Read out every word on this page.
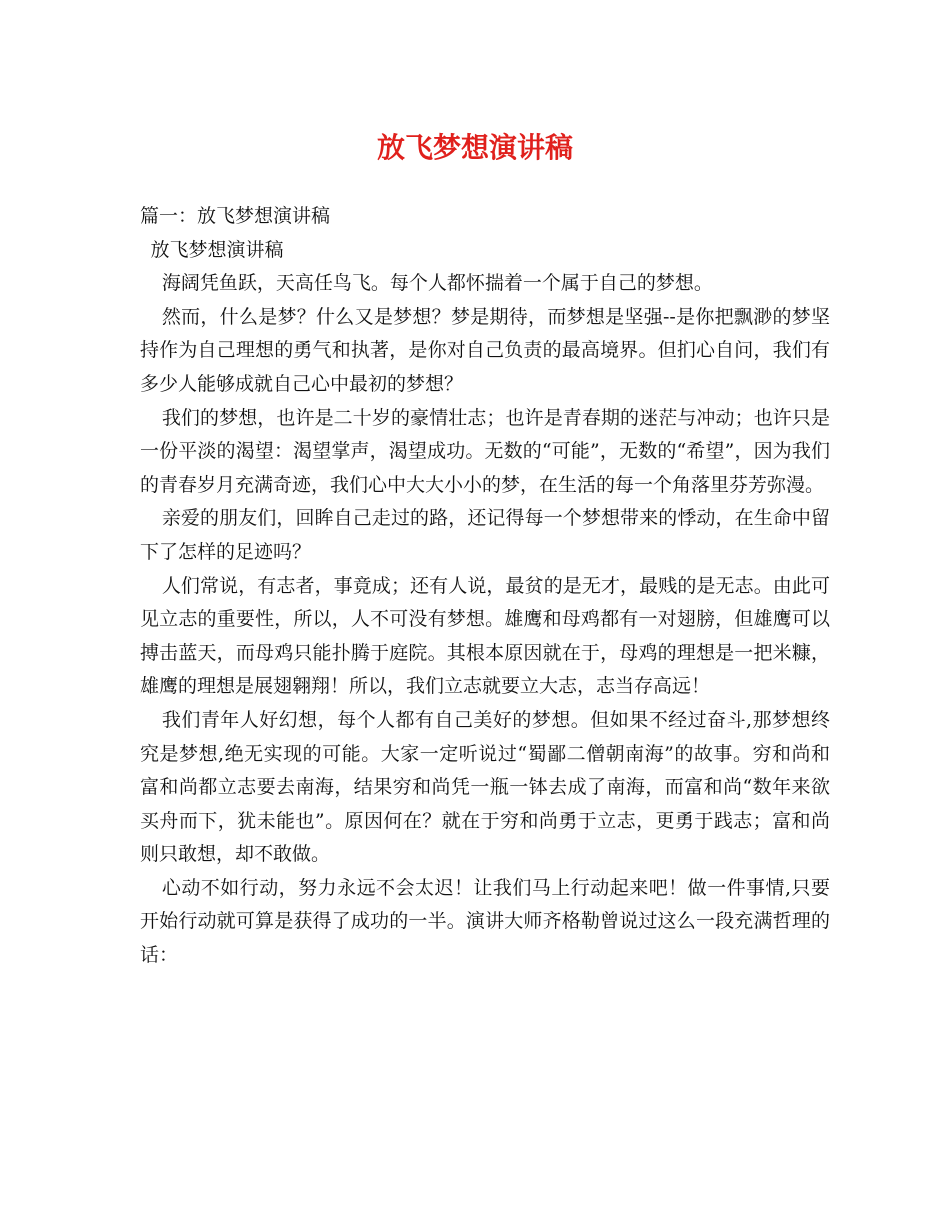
放飞梦想演讲稿

篇一：放飞梦想演讲稿

放飞梦想演讲稿

海阔凭鱼跃，天高任鸟飞。每个人都怀揣着一个属于自己的梦想。

然而，什么是梦？什么又是梦想？梦是期待，而梦想是坚强--是你把飘渺的梦坚持作为自己理想的勇气和执著，是你对自己负责的最高境界。但扪心自问，我们有多少人能够成就自己心中最初的梦想？

我们的梦想，也许是二十岁的豪情壮志；也许是青春期的迷茫与冲动；也许只是一份平淡的渴望：渴望掌声，渴望成功。无数的“可能”，无数的“希望”，因为我们的青春岁月充满奇迹，我们心中大大小小的梦，在生活的每一个角落里芬芳弥漫。

亲爱的朋友们，回眸自己走过的路，还记得每一个梦想带来的悸动，在生命中留下了怎样的足迹吗？

人们常说，有志者，事竟成；还有人说，最贫的是无才，最贱的是无志。由此可见立志的重要性，所以，人不可没有梦想。雄鹰和母鸡都有一对翅膀，但雄鹰可以搏击蓝天，而母鸡只能扑腾于庭院。其根本原因就在于，母鸡的理想是一把米糠，雄鹰的理想是展翅翱翔！所以，我们立志就要立大志，志当存高远！

我们青年人好幻想，每个人都有自己美好的梦想。但如果不经过奋斗,那梦想终究是梦想,绝无实现的可能。大家一定听说过“蜀鄙二僧朝南海”的故事。穷和尚和富和尚都立志要去南海，结果穷和尚凭一瓶一钵去成了南海，而富和尚“数年来欲买舟而下，犹未能也”。原因何在？就在于穷和尚勇于立志，更勇于践志；富和尚则只敢想，却不敢做。

心动不如行动，努力永远不会太迟！让我们马上行动起来吧！做一件事情,只要开始行动就可算是获得了成功的一半。演讲大师齐格勒曾说过这么一段充满哲理的话：
